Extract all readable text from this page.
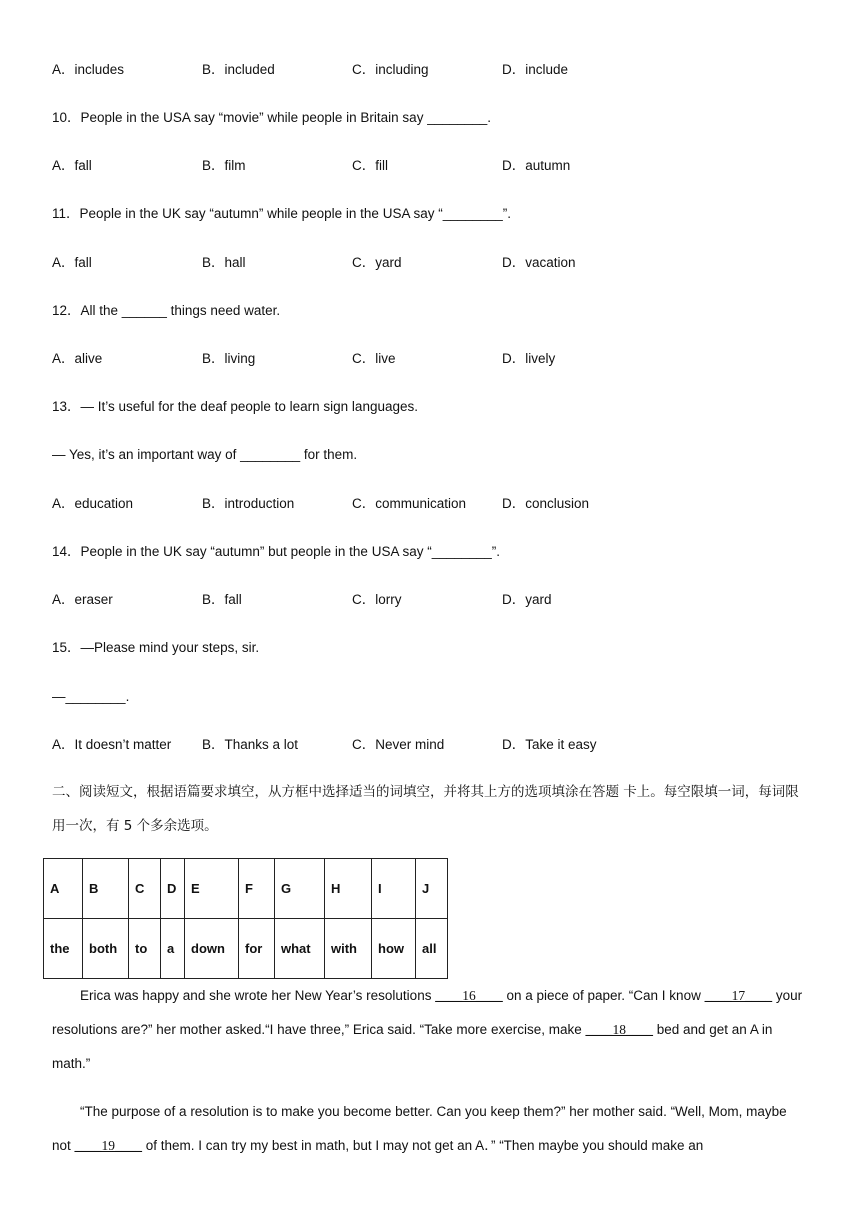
A．includes	B．included	C．including	D．include
10．People in the USA say “movie” while people in Britain say ________.
A．fall	B．film	C．fill	D．autumn
11．People in the UK say “autumn” while people in the USA say “________”.
A．fall	B．hall	C．yard	D．vacation
12．All the ______ things need water.
A．alive	B．living	C．live	D．lively
13．— It’s useful for the deaf people to learn sign languages.
— Yes, it’s an important way of ________ for them.
A．education	B．introduction	C．communication	D．conclusion
14．People in the UK say “autumn” but people in the USA say “________”.
A．eraser	B．fall	C．lorry	D．yard
15．—Please mind your steps, sir.
—________.
A．It doesn’t matter B．Thanks a lot	C．Never mind	D．Take it easy
二、阅读短文，根据语篇要求填空，从方框中选择适当的词填空，并将其上方的选项填涂在答题 卡上。每空限填一词，每词限用一次，有 5 个多余选项。
A	B	C	D	E	F	G	H	I	J
the	both	to	a	down	for	what	with	how	all
Erica was happy and she wrote her New Year’s resolutions ____16____ on a piece of paper. “Can I know ____17____ your resolutions are?” her mother asked.“I have three,” Erica said. “Take more exercise, make ____18____ bed and get an A in math.”
“The purpose of a resolution is to make you become better. Can you keep them?” her mother said. “Well, Mom, maybe not ____19____ of them. I can try my best in math, but I may not get an A．” “Then maybe you should make an
